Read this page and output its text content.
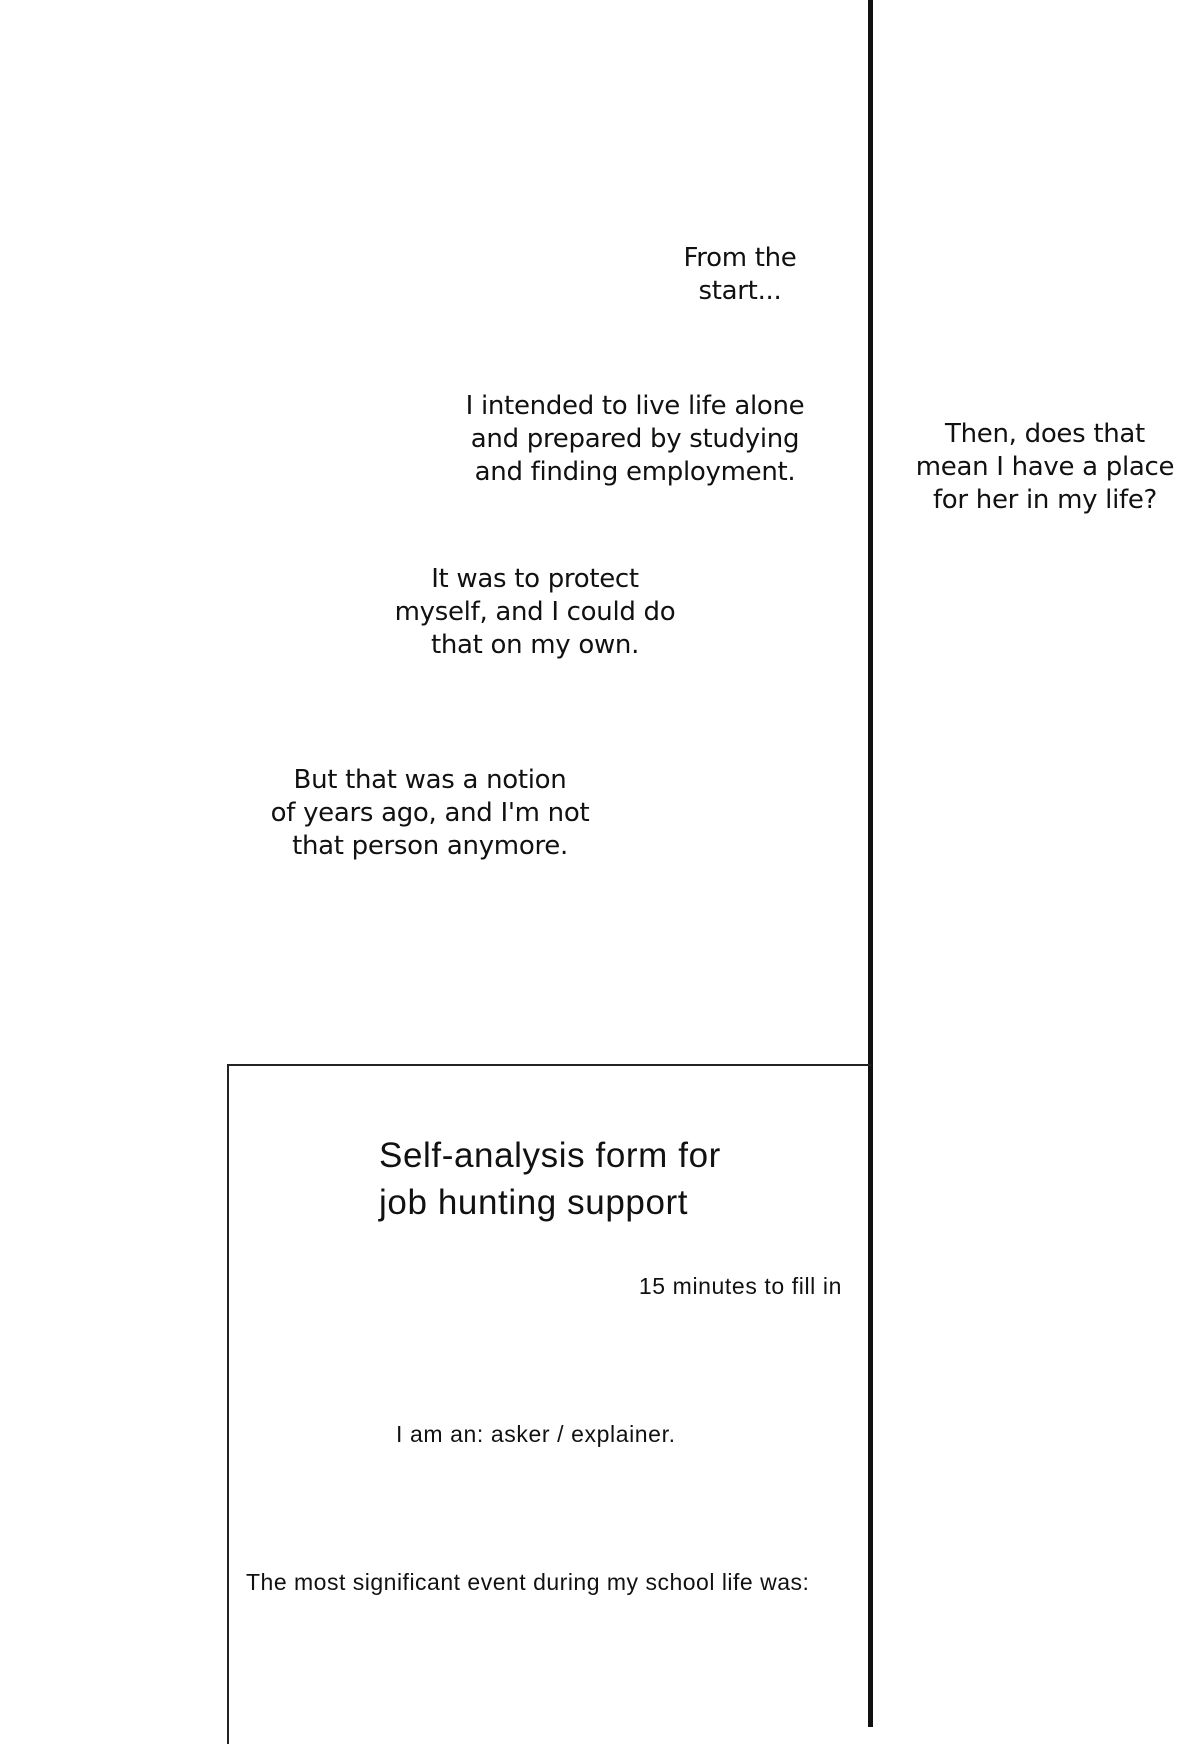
From the
start...
I intended to live life alone
and prepared by studying
and finding employment.
It was to protect
myself, and I could do
that on my own.
But that was a notion
of years ago, and I'm not
that person anymore.
Then, does that
mean I have a place
for her in my life?
Self-analysis form for
job hunting support
15 minutes to fill in
I am an: asker / explainer.
The most significant event during my school life was:
